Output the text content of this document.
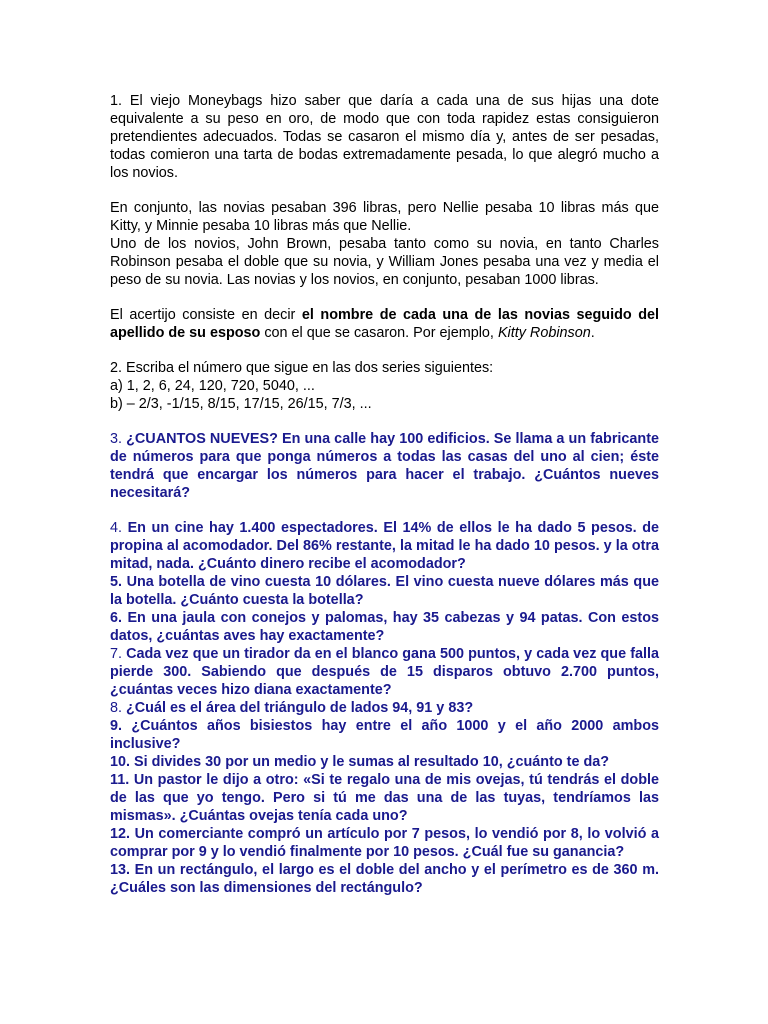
1. El viejo Moneybags hizo saber que daría a cada una de sus hijas una dote equivalente a su peso en oro, de modo que con toda rapidez estas consiguieron pretendientes adecuados. Todas se casaron el mismo día y, antes de ser pesadas, todas comieron una tarta de bodas extremadamente pesada, lo que alegró mucho a los novios.

En conjunto, las novias pesaban 396 libras, pero Nellie pesaba 10 libras más que Kitty, y Minnie pesaba 10 libras más que Nellie.

Uno de los novios, John Brown, pesaba tanto como su novia, en tanto Charles Robinson pesaba el doble que su novia, y William Jones pesaba una vez y media el peso de su novia. Las novias y los novios, en conjunto, pesaban 1000 libras.

El acertijo consiste en decir el nombre de cada una de las novias seguido del apellido de su esposo con el que se casaron. Por ejemplo, Kitty Robinson.

2. Escriba el número que sigue en las dos series siguientes:

a) 1, 2, 6, 24, 120, 720, 5040, ...

b) – 2/3, -1/15, 8/15, 17/15, 26/15, 7/3, ...

3. ¿CUANTOS NUEVES? En una calle hay 100 edificios. Se llama a un fabricante de números para que ponga números a todas las casas del uno al cien; éste tendrá que encargar los números para hacer el trabajo. ¿Cuántos nueves necesitará?

4. En un cine hay 1.400 espectadores. El 14% de ellos le ha dado 5 pesos. de propina al acomodador. Del 86% restante, la mitad le ha dado 10 pesos. y la otra mitad, nada. ¿Cuánto dinero recibe el acomodador?

5. Una botella de vino cuesta 10 dólares. El vino cuesta nueve dólares más que la botella. ¿Cuánto cuesta la botella?

6. En una jaula con conejos y palomas, hay 35 cabezas y 94 patas. Con estos datos, ¿cuántas aves hay exactamente?

7. Cada vez que un tirador da en el blanco gana 500 puntos, y cada vez que falla pierde 300. Sabiendo que después de 15 disparos obtuvo 2.700 puntos, ¿cuántas veces hizo diana exactamente?

8. ¿Cuál es el área del triángulo de lados 94, 91 y 83?

9. ¿Cuántos años bisiestos hay entre el año 1000 y el año 2000 ambos inclusive?

10. Si divides 30 por un medio y le sumas al resultado 10, ¿cuánto te da?

11. Un pastor le dijo a otro: «Si te regalo una de mis ovejas, tú tendrás el doble de las que yo tengo. Pero si tú me das una de las tuyas, tendríamos las mismas». ¿Cuántas ovejas tenía cada uno?

12. Un comerciante compró un artículo por 7 pesos, lo vendió por 8, lo volvió a comprar por 9 y lo vendió finalmente por 10 pesos. ¿Cuál fue su ganancia?

13. En un rectángulo, el largo es el doble del ancho y el perímetro es de 360 m. ¿Cuáles son las dimensiones del rectángulo?
